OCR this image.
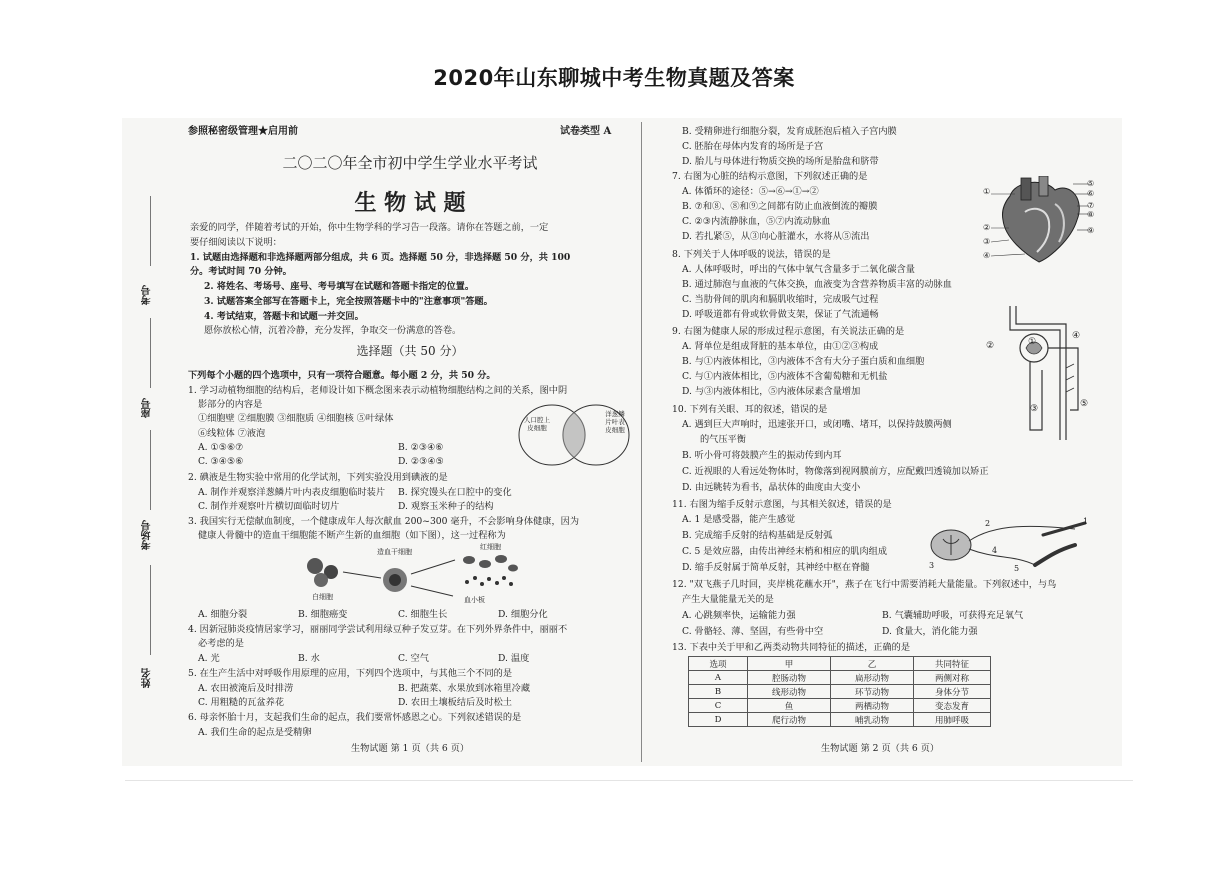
2020年山东聊城中考生物真题及答案
参照秘密级管理★启用前	试卷类型 A
二〇二〇年全市初中学生学业水平考试
生 物 试 题
亲爱的同学，伴随着考试的开始，你中生物学科的学习告一段落。请你在答题之前，一定
要仔细阅读以下说明：
1. 试题由选择题和非选择题两部分组成，共 6 页。选择题 50 分，非选择题 50 分，共 100
分。考试时间 70 分钟。
2. 将姓名、考场号、座号、考号填写在试题和答题卡指定的位置。
3. 试题答案全部写在答题卡上，完全按照答题卡中的"注意事项"答题。
4. 考试结束，答题卡和试题一并交回。
愿你放松心情，沉着冷静，充分发挥，争取交一份满意的答卷。
选择题（共 50 分）
下列每个小题的四个选项中，只有一项符合题意。每小题 2 分，共 50 分。
1. 学习动植物细胞的结构后，老师设计如下概念图来表示动植物细胞结构之间的关系，图中阴
影部分的内容是
①细胞壁 ②细胞膜 ③细胞质 ④细胞核 ⑤叶绿体
⑥线粒体 ⑦液泡
A. ①⑤⑥⑦	B. ②③④⑥
C. ③④⑤⑥	D. ②③④⑤
人口腔上皮细胞
洋葱鳞片叶表皮细胞
2. 碘液是生物实验中常用的化学试剂，下列实验没用到碘液的是
A. 制作并观察洋葱鳞片叶内表皮细胞临时装片 B. 探究馒头在口腔中的变化
C. 制作并观察叶片横切面临时切片	D. 观察玉米种子的结构
3. 我国实行无偿献血制度，一个健康成年人每次献血 200~300 毫升，不会影响身体健康，因为
健康人骨髓中的造血干细胞能不断产生新的血细胞（如下图），这一过程称为
造血干细胞
红细胞
白细胞	血小板
A. 细胞分裂	B. 细胞癌变	C. 细胞生长	D. 细胞分化
4. 因新冠肺炎疫情居家学习，丽丽同学尝试利用绿豆种子发豆芽。在下列外界条件中，丽丽不
必考虑的是
A. 光	B. 水	C. 空气	D. 温度
5. 在生产生活中对呼吸作用原理的应用，下列四个选项中，与其他三个不同的是
A. 农田被淹后及时排涝	B. 把蔬菜、水果放到冰箱里冷藏
C. 用粗糙的瓦盆养花	D. 农田土壤板结后及时松土
6. 母亲怀胎十月，支起我们生命的起点，我们要常怀感恩之心。下列叙述错误的是
A. 我们生命的起点是受精卵
生物试题 第 1 页（共 6 页）
考号
座号
考场号
姓名
B. 受精卵进行细胞分裂，发育成胚泡后植入子宫内膜
C. 胚胎在母体内发育的场所是子宫
D. 胎儿与母体进行物质交换的场所是胎盘和脐带
7. 右图为心脏的结构示意图，下列叙述正确的是
A. 体循环的途径：⑤→⑥→①→②
B. ⑦和⑧、⑧和⑨之间都有防止血液倒流的瓣膜
C. ②③内流静脉血，⑤⑦内流动脉血
D. 若扎紧⑤，从③向心脏灌水，水将从⑤流出
8. 下列关于人体呼吸的说法，错误的是
A. 人体呼吸时，呼出的气体中氧气含量多于二氧化碳含量
B. 通过肺泡与血液的气体交换，血液变为含营养物质丰富的动脉血
C. 当肋骨间的肌肉和膈肌收缩时，完成吸气过程
D. 呼吸道都有骨或软骨做支架，保证了气流通畅
9. 右图为健康人尿的形成过程示意图，有关说法正确的是
A. 肾单位是组成肾脏的基本单位，由①②③构成
B. 与①内液体相比，③内液体不含有大分子蛋白质和血细胞
C. 与①内液体相比，⑤内液体不含葡萄糖和无机盐
D. 与③内液体相比，⑤内液体尿素含量增加
10. 下列有关眼、耳的叙述，错误的是
A. 遇到巨大声响时，迅速张开口，或闭嘴、堵耳，以保持鼓膜两侧
的气压平衡
B. 听小骨可将鼓膜产生的振动传到内耳
C. 近视眼的人看远处物体时，物像落到视网膜前方，应配戴凹透镜加以矫正
D. 由远眺转为看书，晶状体的曲度由大变小
11. 右图为缩手反射示意图，与其相关叙述，错误的是
A. 1 是感受器，能产生感觉
B. 完成缩手反射的结构基础是反射弧
C. 5 是效应器，由传出神经末梢和相应的肌肉组成
D. 缩手反射属于简单反射，其神经中枢在脊髓
12. "双飞燕子几时回，夹岸桃花蘸水开"，燕子在飞行中需要消耗大量能量。下列叙述中，与鸟
产生大量能量无关的是
A. 心跳频率快，运输能力强	B. 气囊辅助呼吸，可获得充足氧气
C. 骨骼轻、薄、坚固，有些骨中空	D. 食量大，消化能力强
13. 下表中关于甲和乙两类动物共同特征的描述，正确的是
①
②
③
④
⑤
⑥
⑦
⑧
⑨
④
②
③	⑤
①
1
2
3
4
5
选项	甲	乙	共同特征
A	腔肠动物	扁形动物	两侧对称
B	线形动物	环节动物	身体分节
C	鱼	两栖动物	变态发育
D	爬行动物	哺乳动物	用肺呼吸
生物试题 第 2 页（共 6 页）
